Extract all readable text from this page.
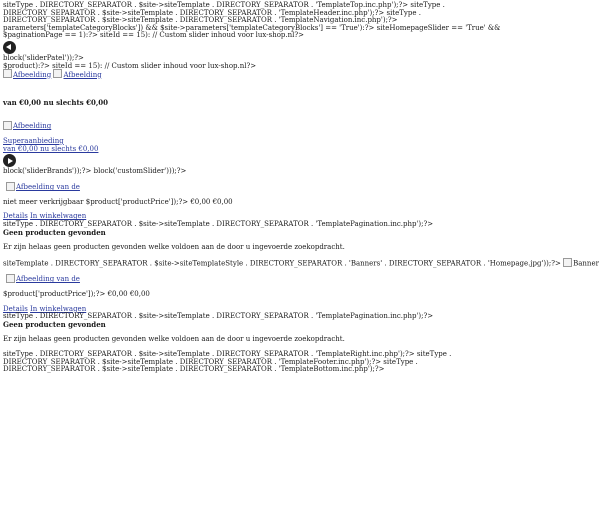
siteType . DIRECTORY_SEPARATOR . $site->siteTemplate . DIRECTORY_SEPARATOR . 'TemplateTop.inc.php');?> siteType . DIRECTORY_SEPARATOR . $site->siteTemplate . DIRECTORY_SEPARATOR . 'TemplateHeader.inc.php');?> siteType . DIRECTORY_SEPARATOR . $site->siteTemplate . DIRECTORY_SEPARATOR . 'TemplateNavigation.inc.php');?> parameters['templateCategoryBlocks']) && $site->parameters['templateCategoryBlocks'] == 'True'):?> siteHomepageSlider == 'True' && $paginationPage == 1):?> siteId == 15): // Custom slider inhoud voor lux-shop.nl?>
block('sliderPatel'));?>
$product):?> siteId == 15): // Custom slider inhoud voor lux-shop.nl?>
Afbeelding Afbeelding
van €0,00 nu slechts €0,00
Afbeelding
Superaanbieding
van €0,00 nu slechts €0,00
block('sliderBrands'));?> block('customSlider')));?>
Afbeelding van de
niet meer verkrijgbaar $product['productPrice']);?> €0,00 €0,00
Details In winkelwagen
siteType . DIRECTORY_SEPARATOR . $site->siteTemplate . DIRECTORY_SEPARATOR . 'TemplatePagination.inc.php');?>
Geen producten gevonden
Er zijn helaas geen producten gevonden welke voldoen aan de door u ingevoerde zoekopdracht.
siteTemplate . DIRECTORY_SEPARATOR . $site->siteTemplateStyle . DIRECTORY_SEPARATOR . 'Banners' . DIRECTORY_SEPARATOR . 'Homepage.jpg'));?> Banner
Afbeelding van de
$product['productPrice']);?> €0,00 €0,00
Details In winkelwagen
siteType . DIRECTORY_SEPARATOR . $site->siteTemplate . DIRECTORY_SEPARATOR . 'TemplatePagination.inc.php');?>
Geen producten gevonden
Er zijn helaas geen producten gevonden welke voldoen aan de door u ingevoerde zoekopdracht.
siteType . DIRECTORY_SEPARATOR . $site->siteTemplate . DIRECTORY_SEPARATOR . 'TemplateRight.inc.php');?> siteType . DIRECTORY_SEPARATOR . $site->siteTemplate . DIRECTORY_SEPARATOR . 'TemplateFooter.inc.php');?> siteType . DIRECTORY_SEPARATOR . $site->siteTemplate . DIRECTORY_SEPARATOR . 'TemplateBottom.inc.php');?>
